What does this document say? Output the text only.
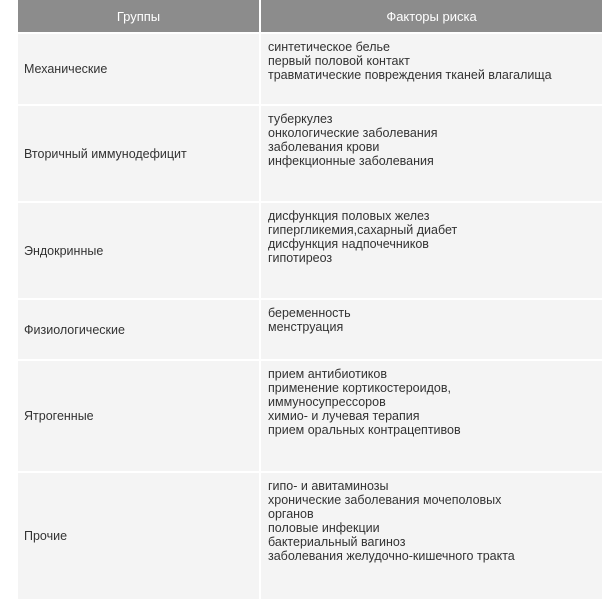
Группы	Факторы риска
Механические
синтетическое белье
первый половой контакт
травматические повреждения тканей влагалища
Вторичный иммунодефицит
туберкулез
онкологические заболевания
заболевания крови
инфекционные заболевания
Эндокринные
дисфункция половых желез
гипергликемия,сахарный диабет
дисфункция надпочечников
гипотиреоз
Физиологические
беременность
менструация
Ятрогенные
прием антибиотиков
применение кортикостероидов,
иммуносупрессоров
химио- и лучевая терапия
прием оральных контрацептивов
Прочие
гипо- и авитаминозы
хронические заболевания мочеполовых
органов
половые инфекции
бактериальный вагиноз
заболевания желудочно-кишечного тракта
